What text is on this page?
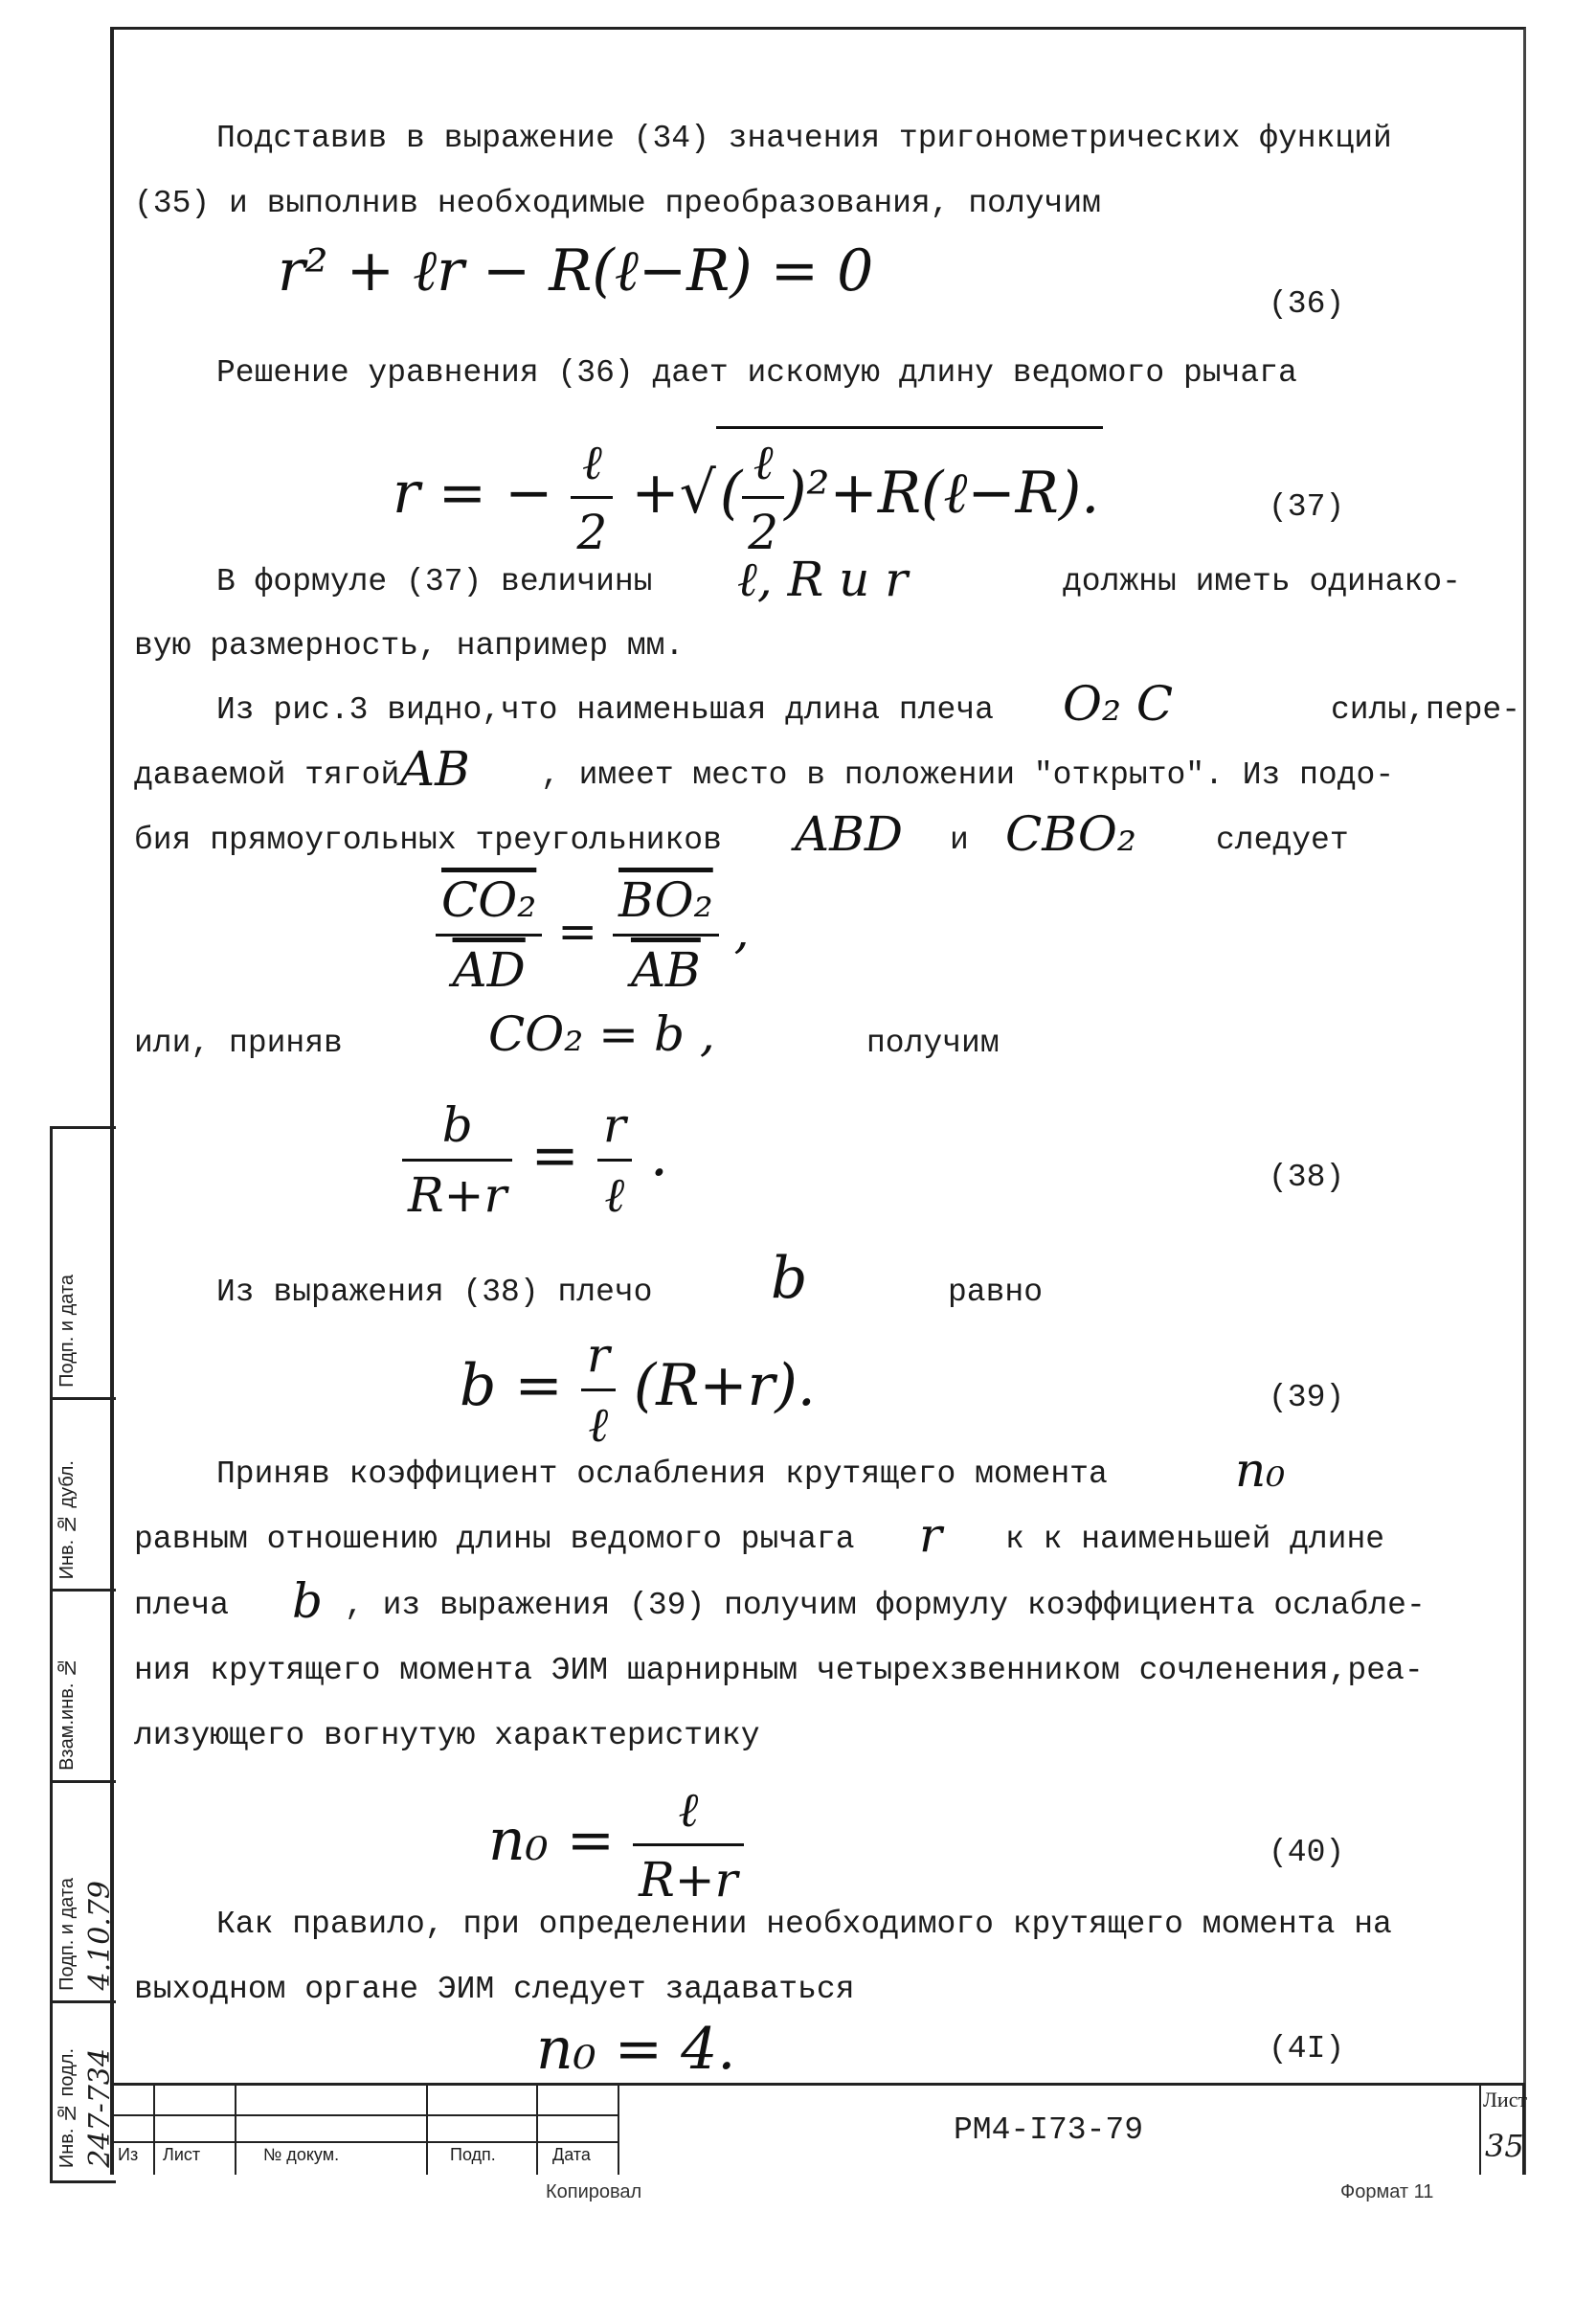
Подп. и дата
Инв. № дубл.
Взам.инв. №
Подп. и дата 4.10.79
Инв. № подл. 247-734
Подставив в выражение (34) значения тригонометрических функций
(35) и выполнив необходимые преобразования, получим
r² + ℓr − R(ℓ−R) = 0	(36)
Решение уравнения (36) дает искомую длину ведомого рычага
r = − $\frac{\text{ℓ}}{2}$ +√( $\frac{\text{ℓ}}{2}$ )²+R(ℓ−R).	(37)
В формуле (37) величины ℓ, R и r	должны иметь одинако-
вую размерность, например мм.
Из рис.3 видно,что наименьшая длина плеча O₂ C	силы,пере-
даваемой тягой AB , имеет место в положении "открыто". Из подо-
бия прямоугольных треугольников ABD и CBO₂	следует
$\frac{\text{CO₂}}{AD} = \frac{\text{BO₂}}{AB}$ ,
или, приняв	CO₂ = b ,	получим
$\frac{b}{R+r} = \frac{r}{\text{ℓ}}$ .	(38)
Из выражения (38) плечо b	равно
$b = \frac{r}{\text{ℓ}} (R+r)$.	(39)
Приняв коэффициент ослабления крутящего момента	n₀
равным отношению длины ведомого рычага r к к наименьшей длине
плеча b , из выражения (39) получим формулу коэффициента ослабле-
ния крутящего момента ЭИМ шарнирным четырехзвенником сочленения,реа-
лизующего вогнутую характеристику
$n_0 = \frac{\text{ℓ}}{R+r}$	(40)
Как правило, при определении необходимого крутящего момента на
выходном органе ЭИМ следует задаваться
n₀ = 4.	(4I)
Из Лист	№ докум.	Подп.	Дата
РМ4-I73-79
Лист
35
Копировал	Формат 11
